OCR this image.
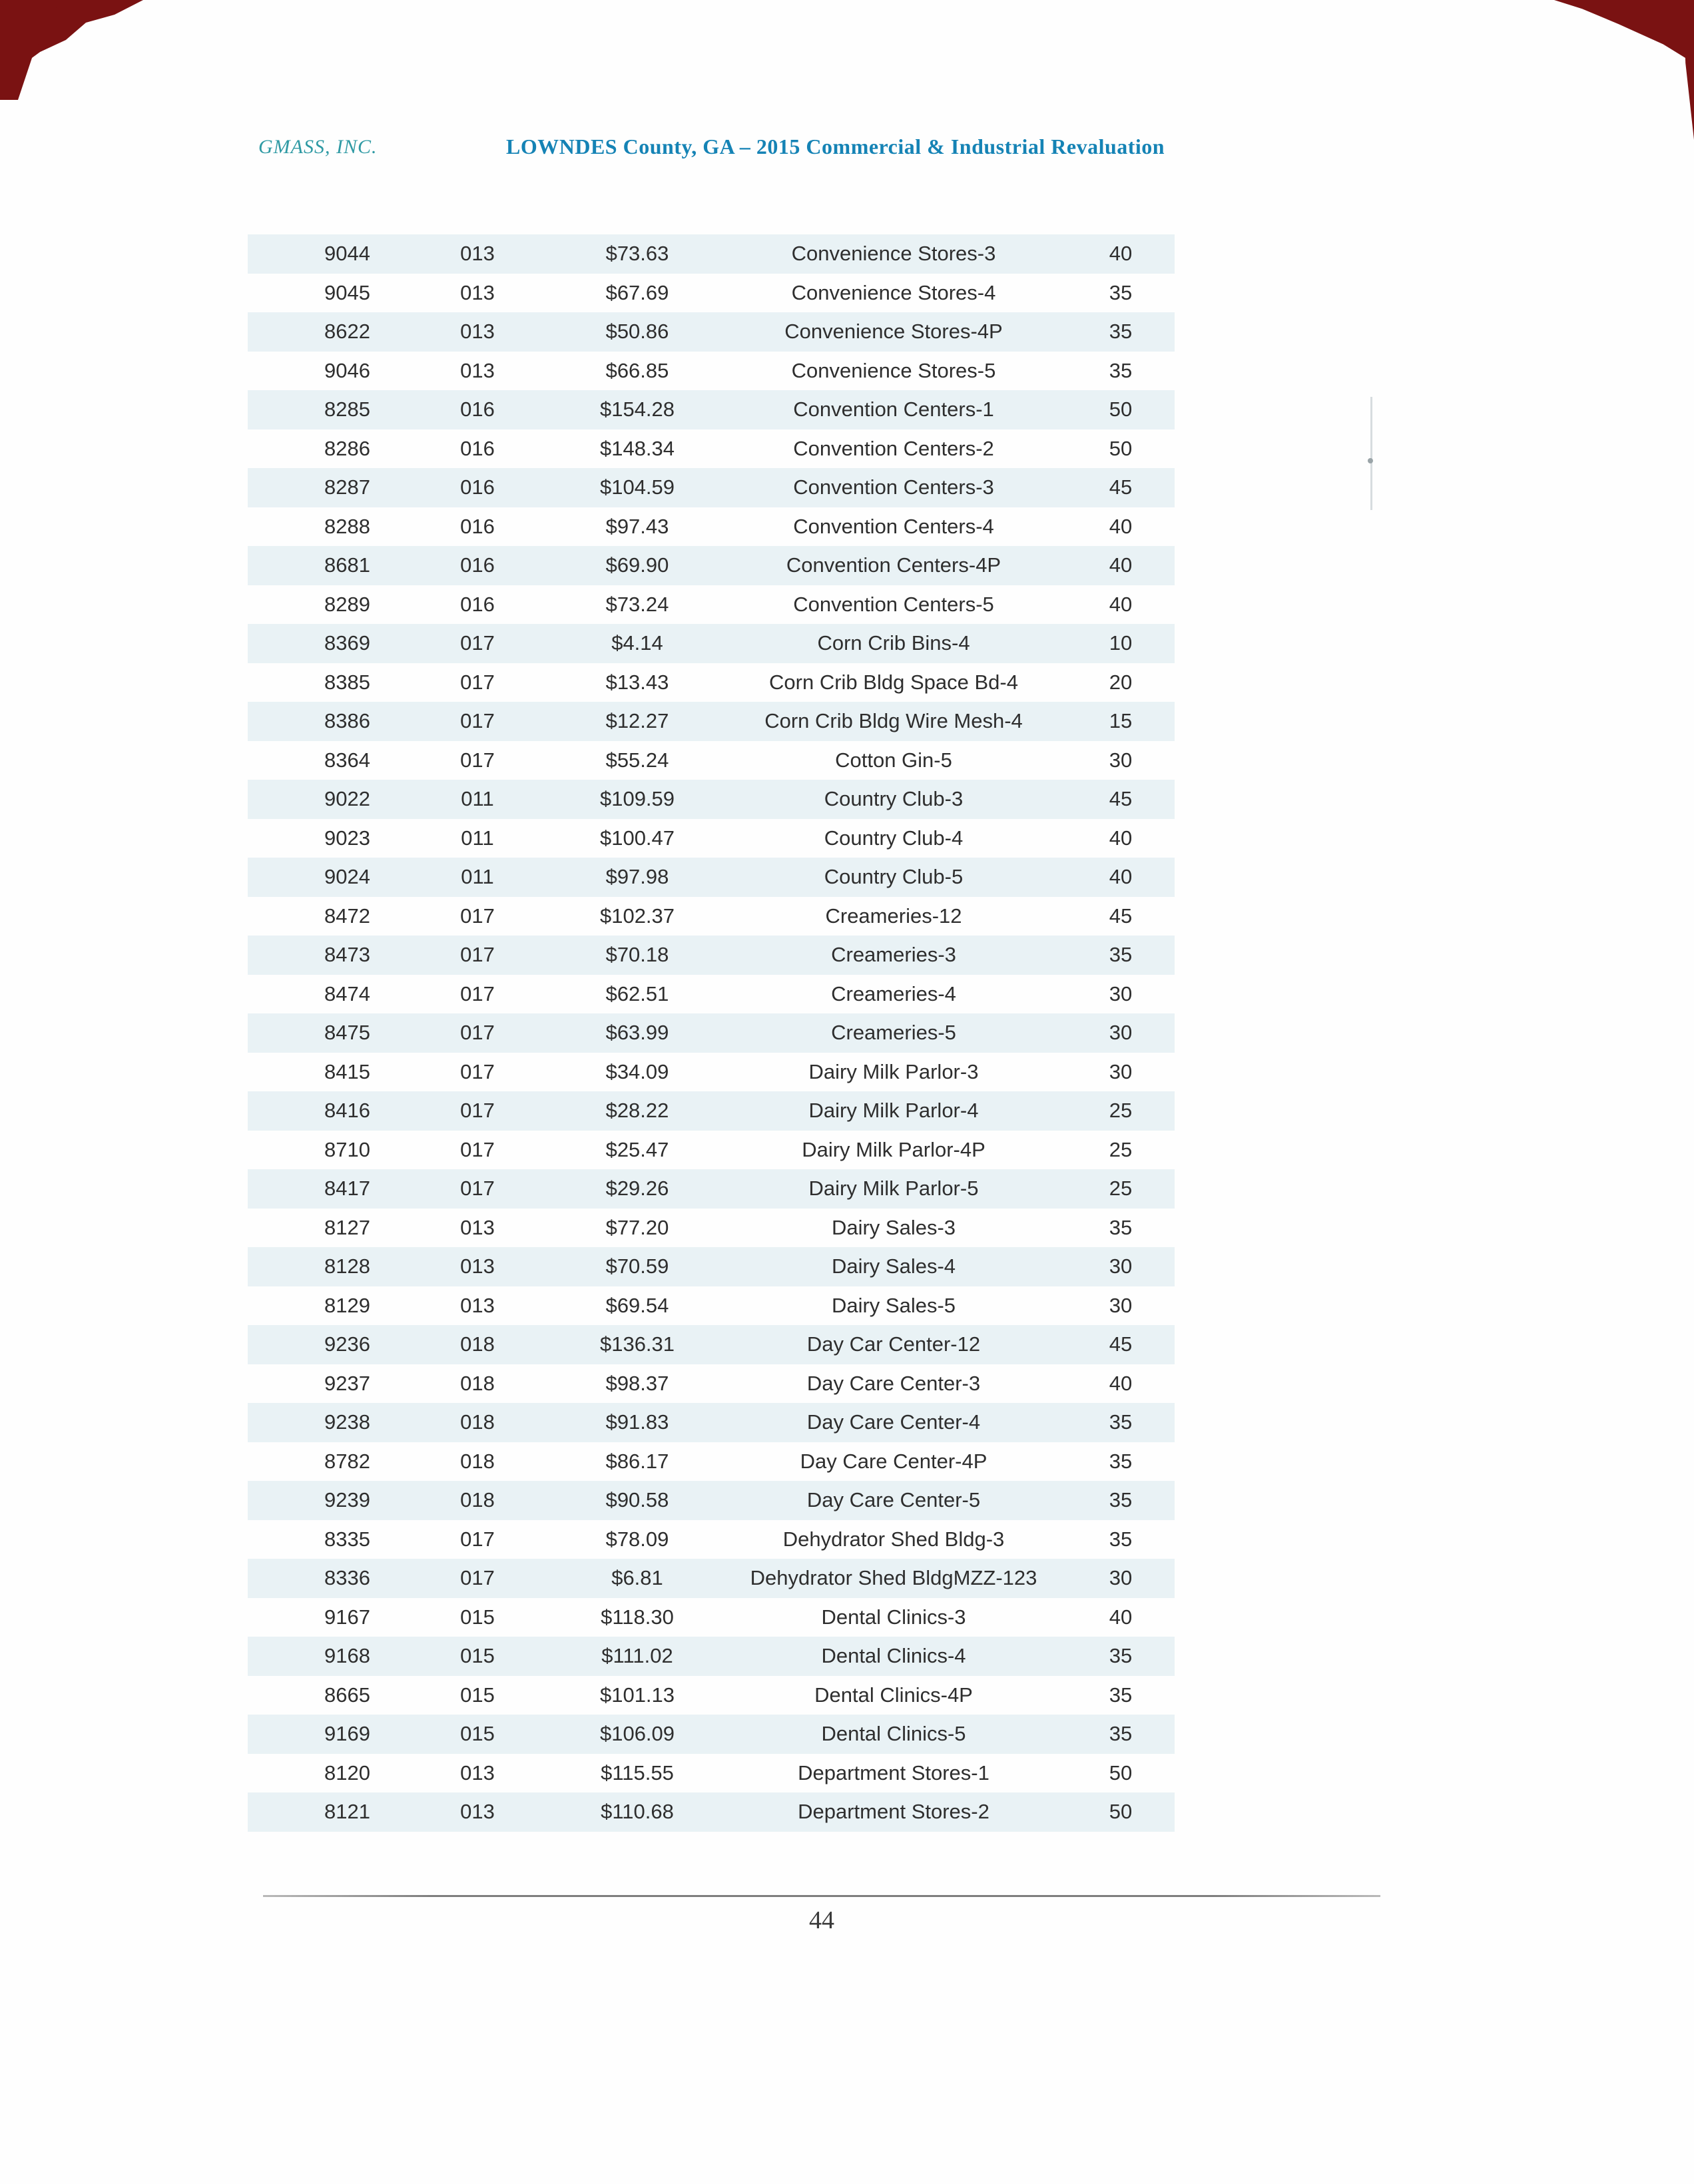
GMASS, INC.	LOWNDES County, GA – 2015 Commercial & Industrial Revaluation
9044	013	$73.63	Convenience Stores-3	40
9045	013	$67.69	Convenience Stores-4	35
8622	013	$50.86	Convenience Stores-4P	35
9046	013	$66.85	Convenience Stores-5	35
8285	016	$154.28	Convention Centers-1	50
8286	016	$148.34	Convention Centers-2	50
8287	016	$104.59	Convention Centers-3	45
8288	016	$97.43	Convention Centers-4	40
8681	016	$69.90	Convention Centers-4P	40
8289	016	$73.24	Convention Centers-5	40
8369	017	$4.14	Corn Crib Bins-4	10
8385	017	$13.43	Corn Crib Bldg Space Bd-4	20
8386	017	$12.27	Corn Crib Bldg Wire Mesh-4	15
8364	017	$55.24	Cotton Gin-5	30
9022	011	$109.59	Country Club-3	45
9023	011	$100.47	Country Club-4	40
9024	011	$97.98	Country Club-5	40
8472	017	$102.37	Creameries-12	45
8473	017	$70.18	Creameries-3	35
8474	017	$62.51	Creameries-4	30
8475	017	$63.99	Creameries-5	30
8415	017	$34.09	Dairy Milk Parlor-3	30
8416	017	$28.22	Dairy Milk Parlor-4	25
8710	017	$25.47	Dairy Milk Parlor-4P	25
8417	017	$29.26	Dairy Milk Parlor-5	25
8127	013	$77.20	Dairy Sales-3	35
8128	013	$70.59	Dairy Sales-4	30
8129	013	$69.54	Dairy Sales-5	30
9236	018	$136.31	Day Car Center-12	45
9237	018	$98.37	Day Care Center-3	40
9238	018	$91.83	Day Care Center-4	35
8782	018	$86.17	Day Care Center-4P	35
9239	018	$90.58	Day Care Center-5	35
8335	017	$78.09	Dehydrator Shed Bldg-3	35
8336	017	$6.81	Dehydrator Shed BldgMZZ-123	30
9167	015	$118.30	Dental Clinics-3	40
9168	015	$111.02	Dental Clinics-4	35
8665	015	$101.13	Dental Clinics-4P	35
9169	015	$106.09	Dental Clinics-5	35
8120	013	$115.55	Department Stores-1	50
8121	013	$110.68	Department Stores-2	50
44
